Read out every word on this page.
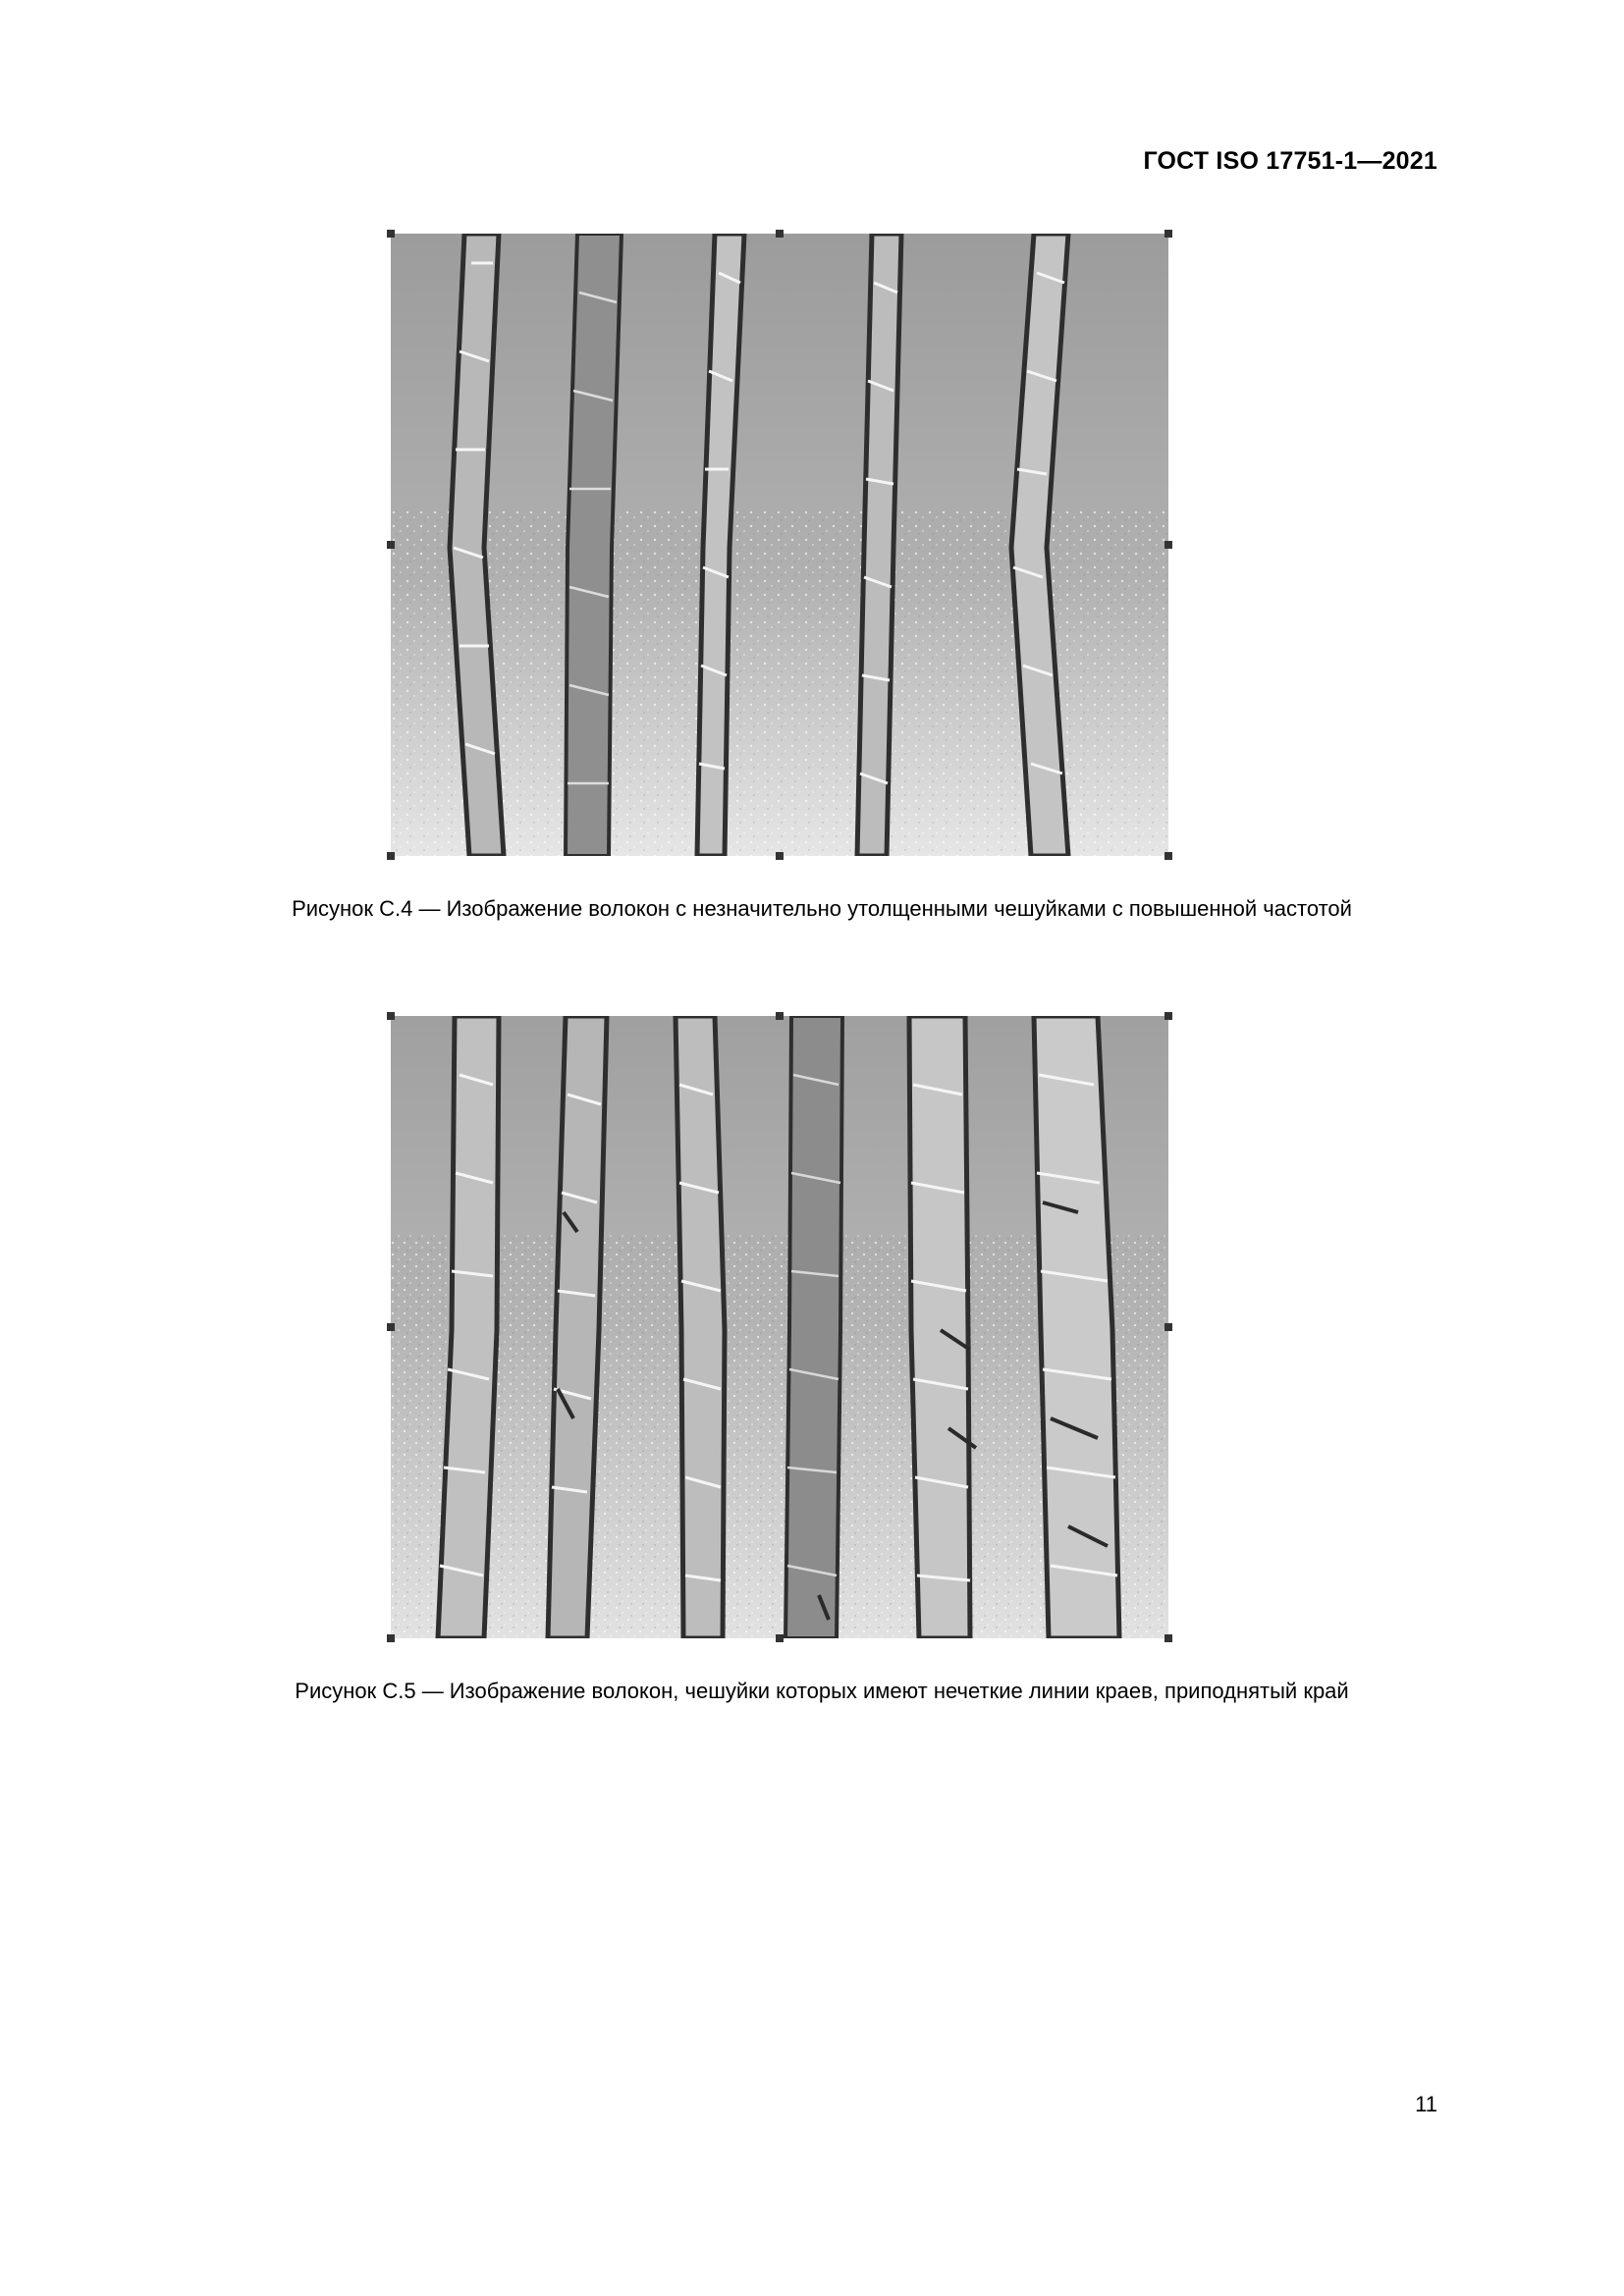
ГОСТ ISO 17751-1—2021
Рисунок С.4 — Изображение волокон с незначительно утолщенными чешуйками с повышенной частотой
Рисунок С.5 — Изображение волокон, чешуйки которых имеют нечеткие линии краев, приподнятый край
11
